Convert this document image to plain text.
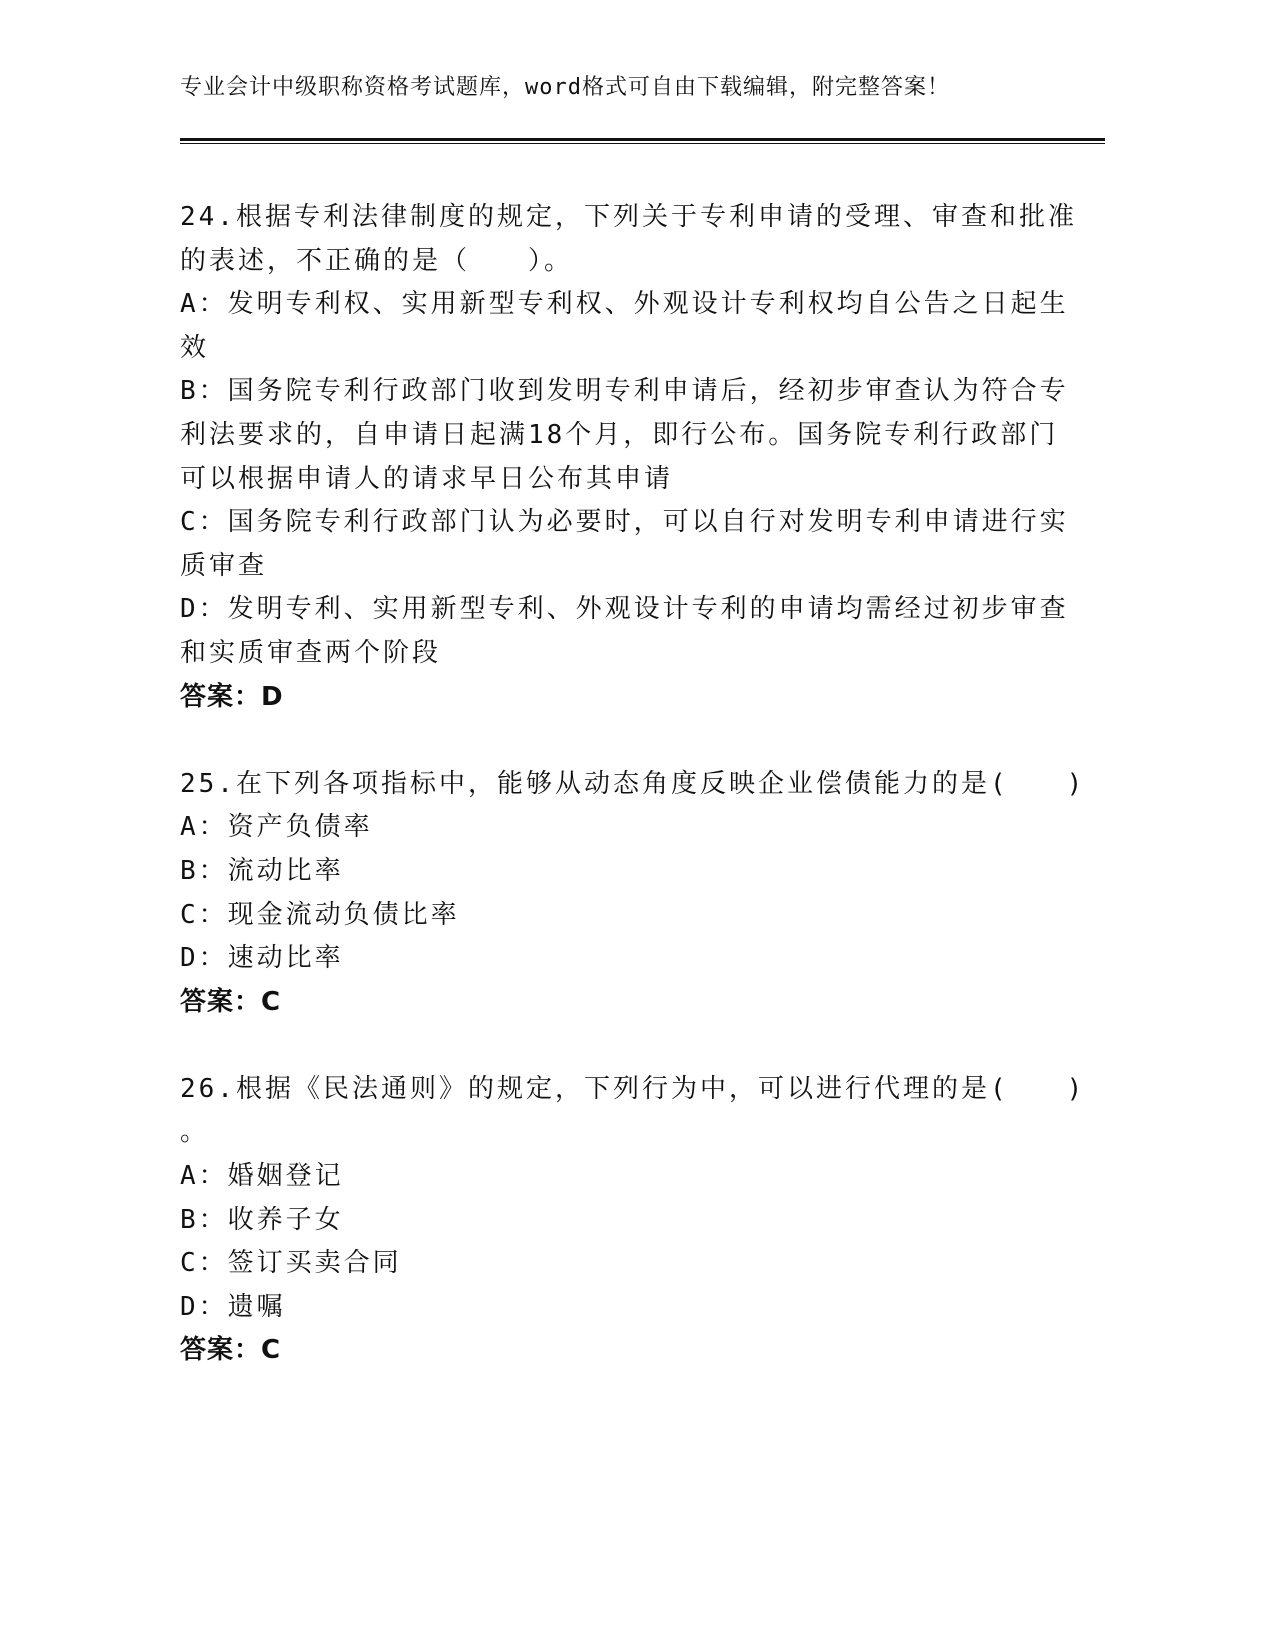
专业会计中级职称资格考试题库，word格式可自由下载编辑，附完整答案！
24.根据专利法律制度的规定，下列关于专利申请的受理、审查和批准
的表述，不正确的是（　　）。
A：发明专利权、实用新型专利权、外观设计专利权均自公告之日起生
效
B：国务院专利行政部门收到发明专利申请后，经初步审查认为符合专
利法要求的，自申请日起满18个月，即行公布。国务院专利行政部门
可以根据申请人的请求早日公布其申请
C：国务院专利行政部门认为必要时，可以自行对发明专利申请进行实
质审查
D：发明专利、实用新型专利、外观设计专利的申请均需经过初步审查
和实质审查两个阶段
答案：D
25.在下列各项指标中，能够从动态角度反映企业偿债能力的是(　　)
A：资产负债率
B：流动比率
C：现金流动负债比率
D：速动比率
答案：C
26.根据《民法通则》的规定，下列行为中，可以进行代理的是(　　)
。
A：婚姻登记
B：收养子女
C：签订买卖合同
D：遗嘱
答案：C
